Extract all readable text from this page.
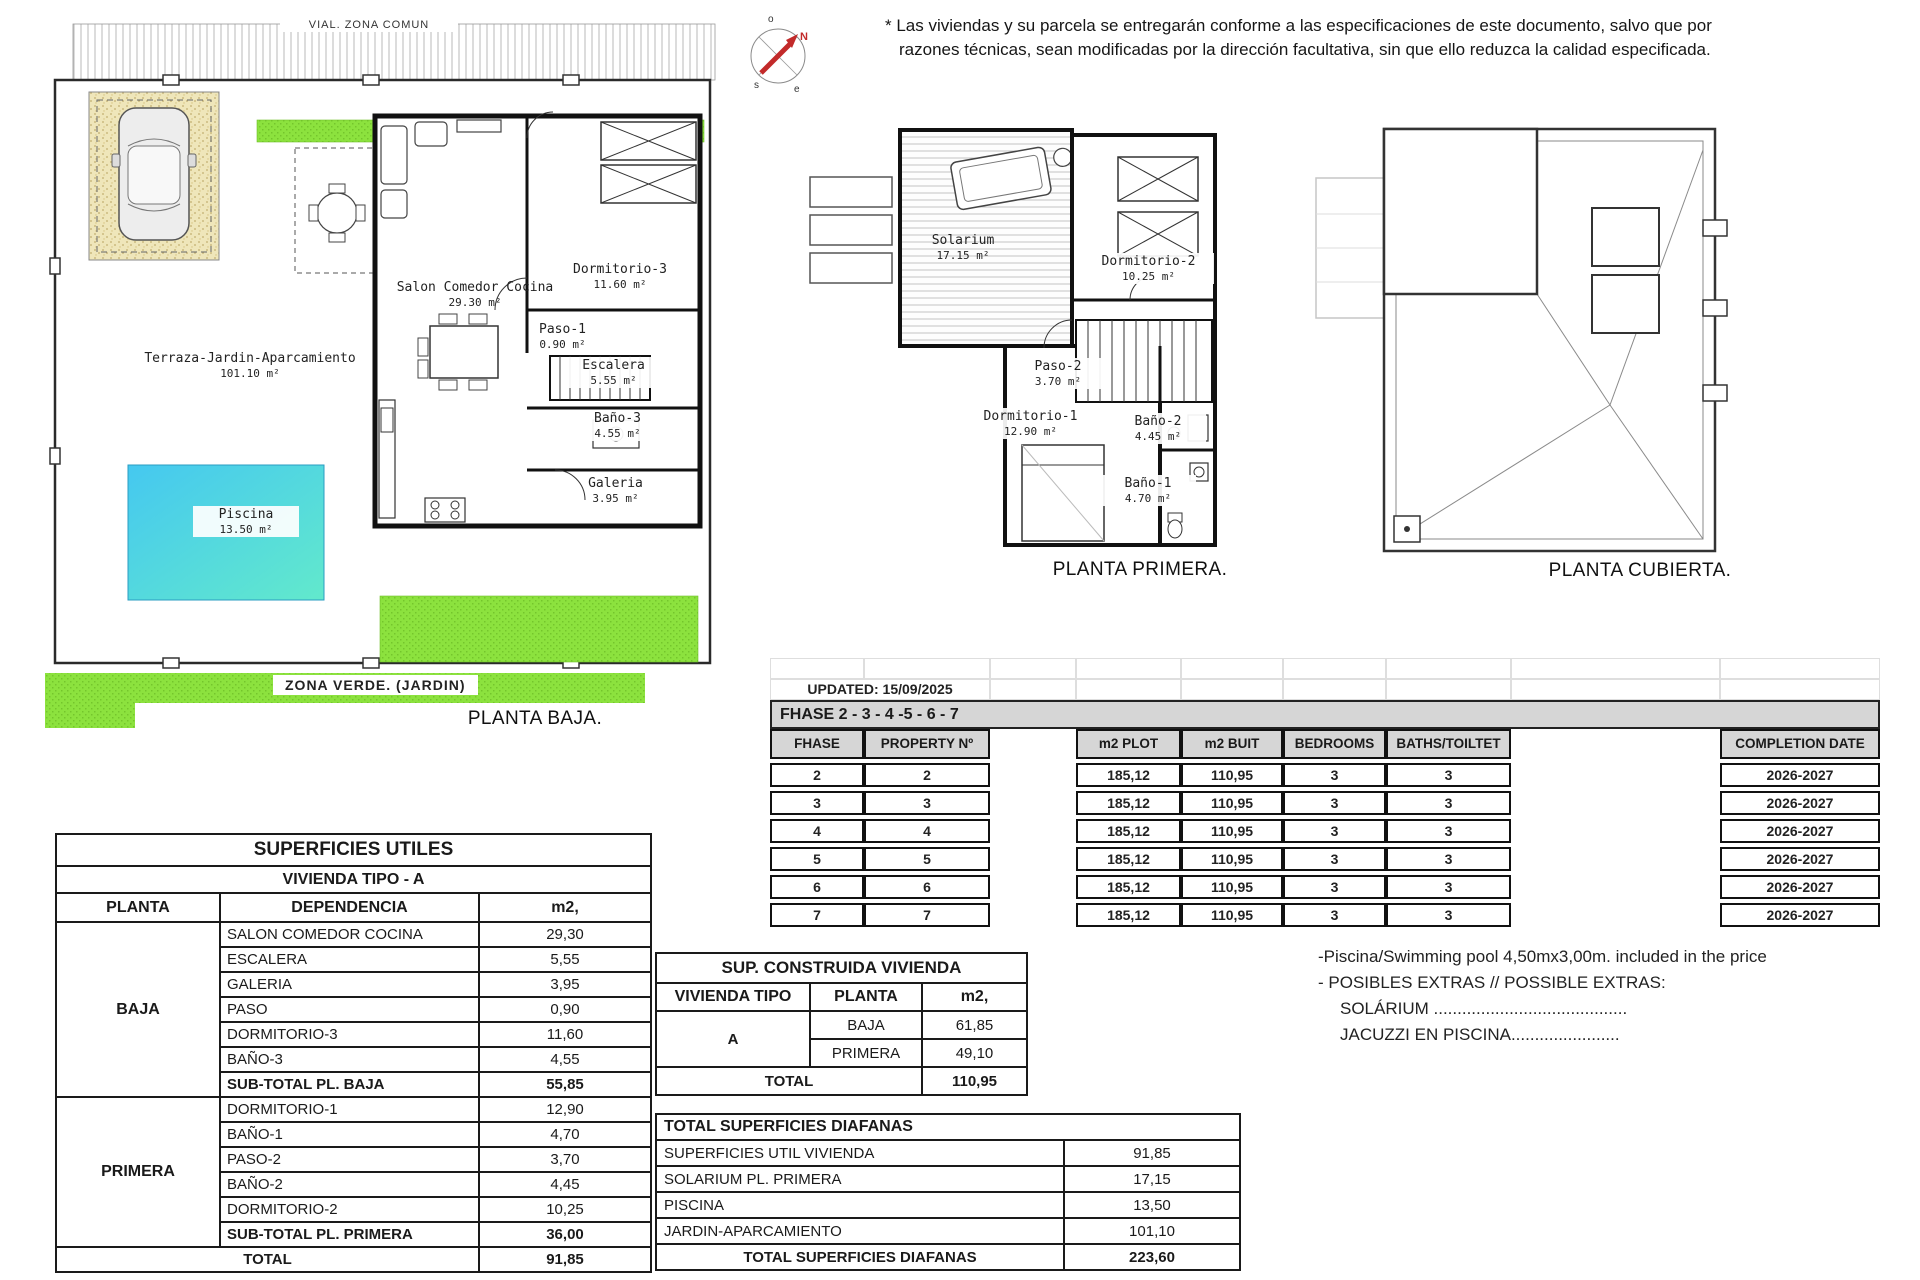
* Las viviendas y su parcela se entregarán conforme a las especificaciones de este documento, salvo que por
razones técnicas, sean modificadas por la dirección facultativa, sin que ello reduzca la calidad especificada.
o
N
s	e
VIAL. ZONA COMUN
Terraza-Jardin-Aparcamiento
101.10 m²
Salon Comedor Cocina
29.30 m²
Dormitorio-3
11.60 m²
Paso-1
0.90 m²
Escalera
5.55 m²
Baño-3
4.55 m²
Galeria
3.95 m²
Piscina
13.50 m²
ZONA VERDE. (JARDIN)
PLANTA BAJA.
Solarium
17.15 m²	Dormitorio-2
10.25 m²
Paso-2
3.70 m²
Dormitorio-1
12.90 m²
Baño-2
4.45 m²
Baño-1
4.70 m²
PLANTA PRIMERA.	PLANTA CUBIERTA.
UPDATED: 15/09/2025
FHASE 2 - 3 - 4 -5 - 6 - 7
FHASE	PROPERTY Nº	m2 PLOT	m2 BUIT	BEDROOMS	BATHS/TOILTET	COMPLETION DATE
2	2	185,12	110,95	3	3	2026-2027
3	3	185,12	110,95	3	3	2026-2027
4	4	185,12	110,95	3	3	2026-2027
5	5	185,12	110,95	3	3	2026-2027
6	6	185,12	110,95	3	3	2026-2027
7	7	185,12	110,95	3	3	2026-2027
SUPERFICIES UTILES		
VIVIENDA TIPO - A		
PLANTA	DEPENDENCIA	m2,
BAJA	SALON COMEDOR COCINA	29,30
	ESCALERA	5,55
	GALERIA	3,95
	PASO	0,90
	DORMITORIO-3	11,60
	BAÑO-3	4,55
	SUB-TOTAL PL. BAJA	55,85
PRIMERA	DORMITORIO-1	12,90
	BAÑO-1	4,70
	PASO-2	3,70
	BAÑO-2	4,45
	DORMITORIO-2	10,25
	SUB-TOTAL PL. PRIMERA	36,00
TOTAL		91,85
SUP. CONSTRUIDA VIVIENDA		
VIVIENDA TIPO	PLANTA	m2,
A	BAJA	61,85
	PRIMERA	49,10
TOTAL		110,95
TOTAL SUPERFICIES DIAFANAS	
SUPERFICIES UTIL VIVIENDA	91,85
SOLARIUM PL. PRIMERA	17,15
PISCINA	13,50
JARDIN-APARCAMIENTO	101,10
TOTAL SUPERFICIES DIAFANAS	223,60
-Piscina/Swimming pool 4,50mx3,00m. included in the price
- POSIBLES EXTRAS // POSSIBLE EXTRAS:
SOLÁRIUM .........................................
JACUZZI EN PISCINA.......................
